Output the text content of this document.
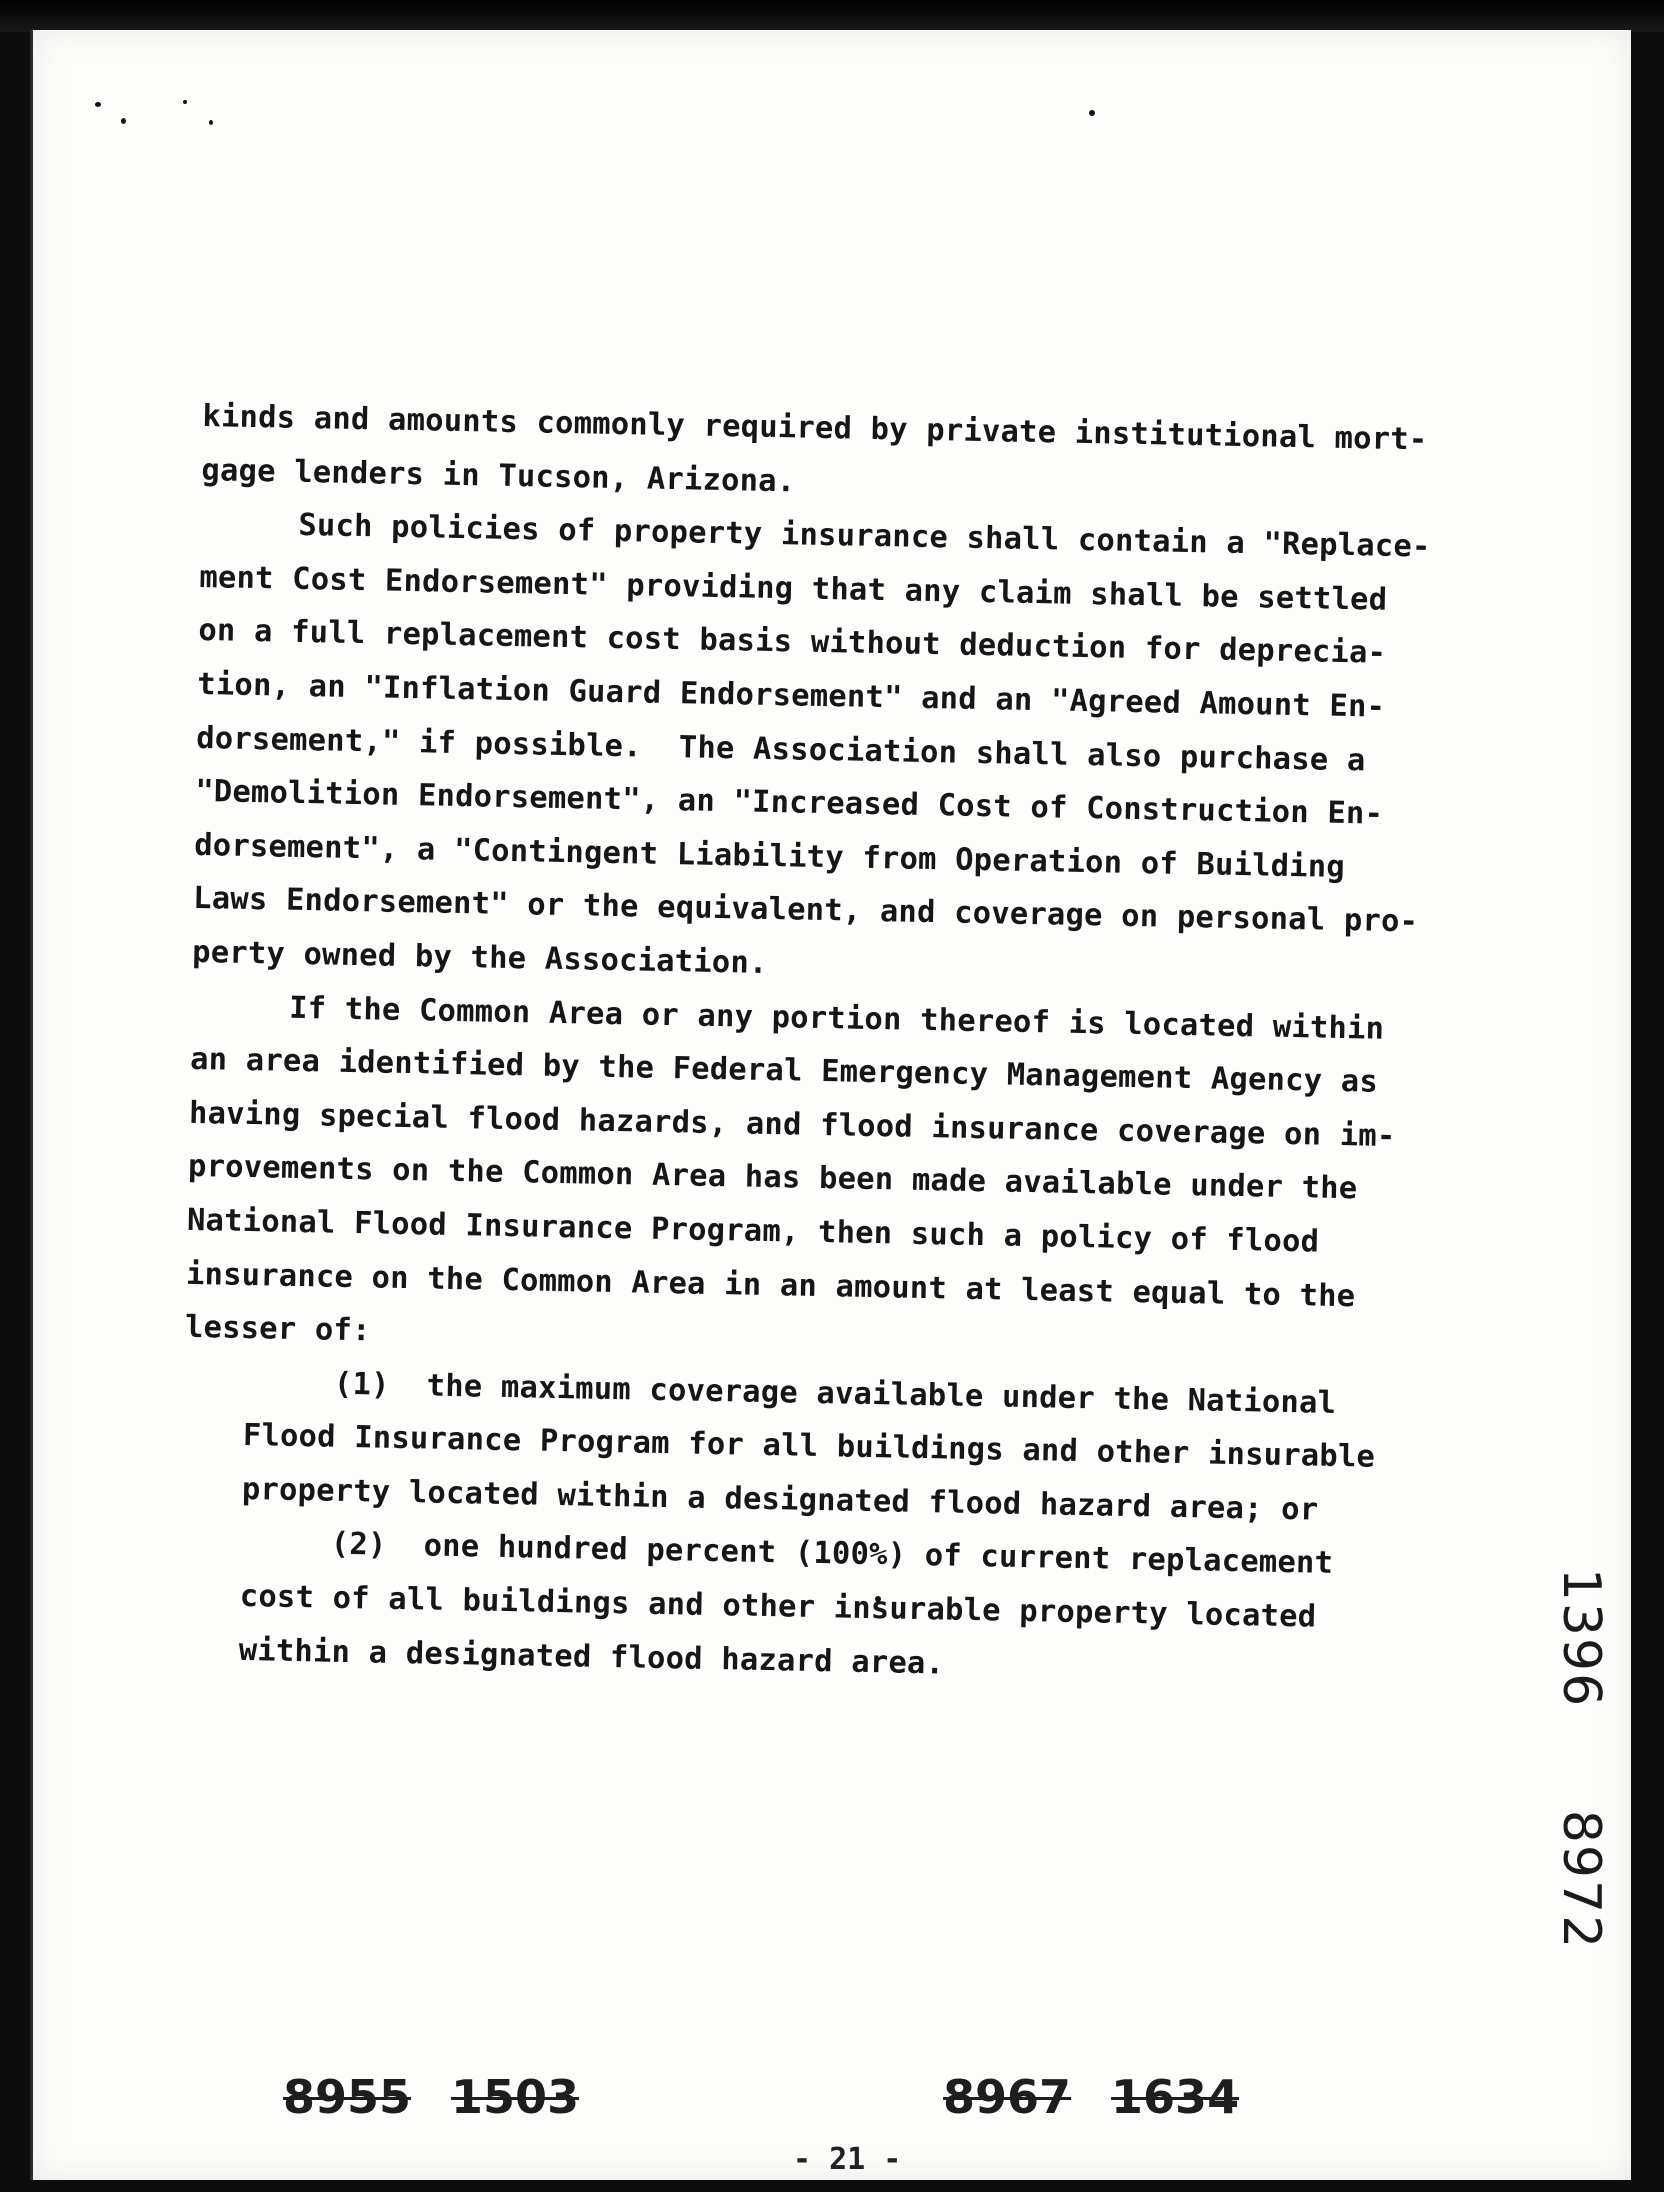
kinds and amounts commonly required by private institutional mort-
gage lenders in Tucson, Arizona.
Such policies of property insurance shall contain a "Replace-
ment Cost Endorsement" providing that any claim shall be settled
on a full replacement cost basis without deduction for deprecia-
tion, an "Inflation Guard Endorsement" and an "Agreed Amount En-
dorsement," if possible.  The Association shall also purchase a
"Demolition Endorsement", an "Increased Cost of Construction En-
dorsement", a "Contingent Liability from Operation of Building
Laws Endorsement" or the equivalent, and coverage on personal pro-
perty owned by the Association.
If the Common Area or any portion thereof is located within
an area identified by the Federal Emergency Management Agency as
having special flood hazards, and flood insurance coverage on im-
provements on the Common Area has been made available under the
National Flood Insurance Program, then such a policy of flood
insurance on the Common Area in an amount at least equal to the
lesser of:
(1)  the maximum coverage available under the National
Flood Insurance Program for all buildings and other insurable
property located within a designated flood hazard area; or
(2)  one hundred percent (100%) of current replacement
cost of all buildings and other insurable property located
within a designated flood hazard area.	1396
8972
8955 1503	8967 1634
- 21 -
